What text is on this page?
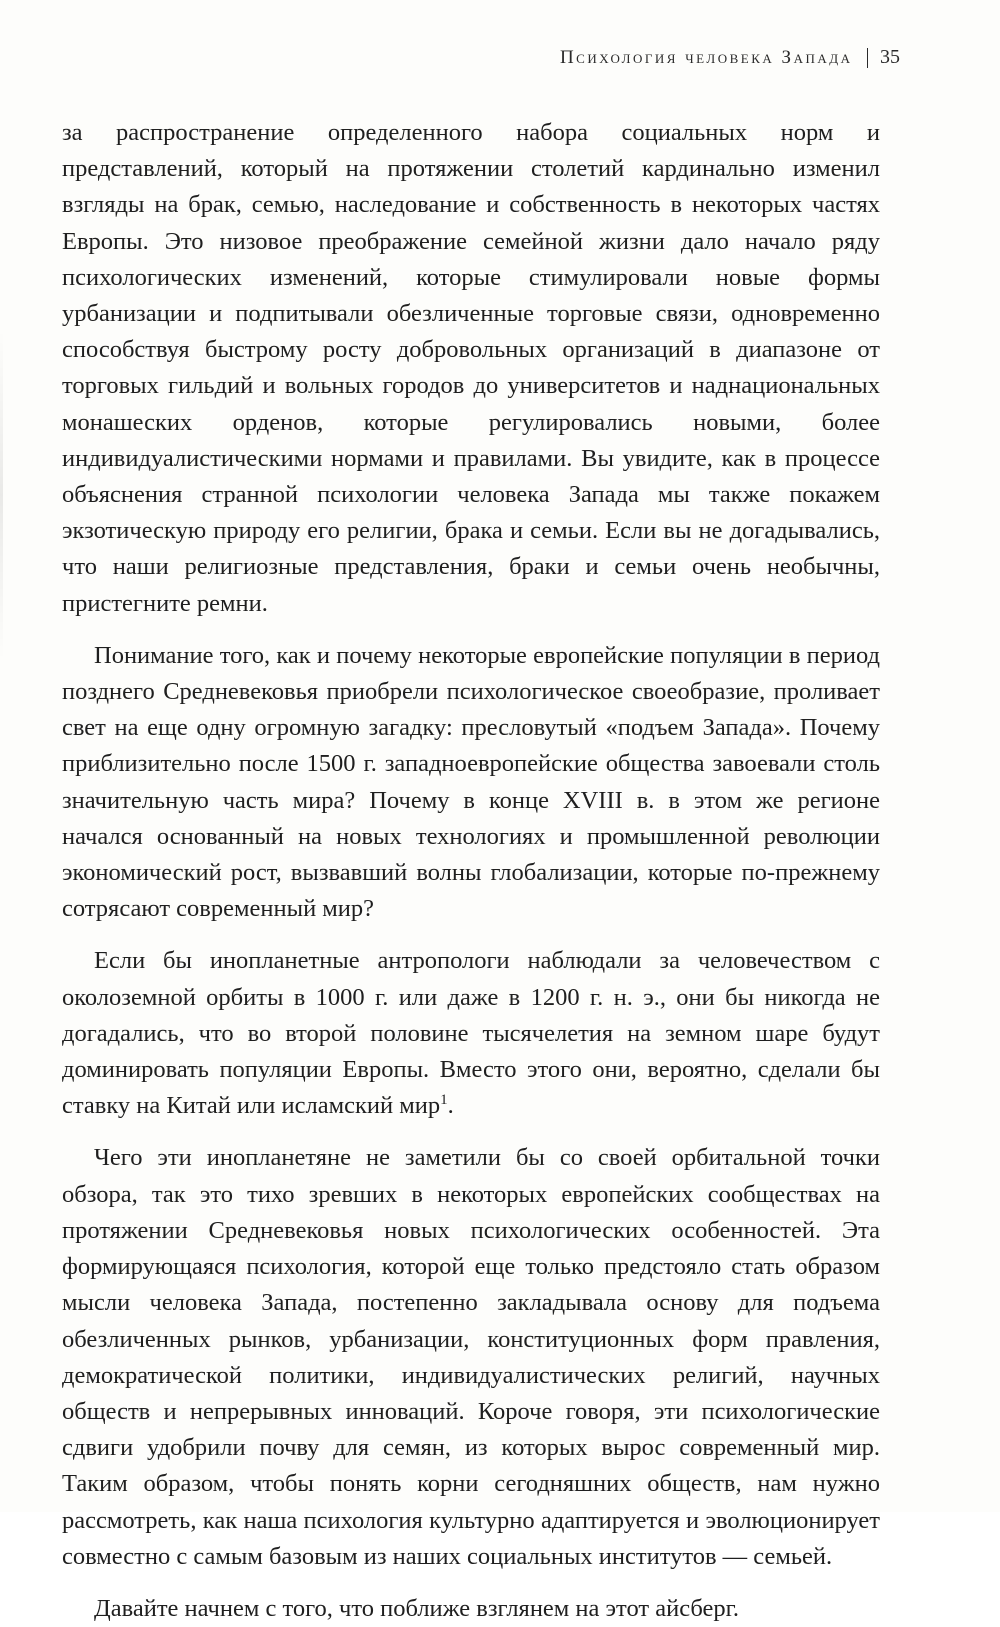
Психология человека Запада 35

за распространение определенного набора социальных норм и представлений, который на протяжении столетий кардинально изменил взгляды на брак, семью, наследование и собственность в некоторых частях Европы. Это низовое преображение семейной жизни дало начало ряду психологических изменений, которые стимулировали новые формы урбанизации и подпитывали обезличенные торговые связи, одновременно способствуя быстрому росту добровольных организаций в диапазоне от торговых гильдий и вольных городов до университетов и наднациональных монашеских орденов, которые регулировались новыми, более индивидуалистическими нормами и правилами. Вы увидите, как в процессе объяснения странной психологии человека Запада мы также покажем экзотическую природу его религии, брака и семьи. Если вы не догадывались, что наши религиозные представления, браки и семьи очень необычны, пристегните ремни.

Понимание того, как и почему некоторые европейские популяции в период позднего Средневековья приобрели психологическое своеобразие, проливает свет на еще одну огромную загадку: пресловутый «подъем Запада». Почему приблизительно после 1500 г. западноевропейские общества завоевали столь значительную часть мира? Почему в конце XVIII в. в этом же регионе начался основанный на новых технологиях и промышленной революции экономический рост, вызвавший волны глобализации, которые по-прежнему сотрясают современный мир?

Если бы инопланетные антропологи наблюдали за человечеством с околоземной орбиты в 1000 г. или даже в 1200 г. н. э., они бы никогда не догадались, что во второй половине тысячелетия на земном шаре будут доминировать популяции Европы. Вместо этого они, вероятно, сделали бы ставку на Китай или исламский мир$^1$.

Чего эти инопланетяне не заметили бы со своей орбитальной точки обзора, так это тихо зревших в некоторых европейских сообществах на протяжении Средневековья новых психологических особенностей. Эта формирующаяся психология, которой еще только предстояло стать образом мысли человека Запада, постепенно закладывала основу для подъема обезличенных рынков, урбанизации, конституционных форм правления, демократической политики, индивидуалистических религий, научных обществ и непрерывных инноваций. Короче говоря, эти психологические сдвиги удобрили почву для семян, из которых вырос современный мир. Таким образом, чтобы понять корни сегодняшних обществ, нам нужно рассмотреть, как наша психология культурно адаптируется и эволюционирует совместно с самым базовым из наших социальных институтов — семьей.

Давайте начнем с того, что поближе взглянем на этот айсберг.
